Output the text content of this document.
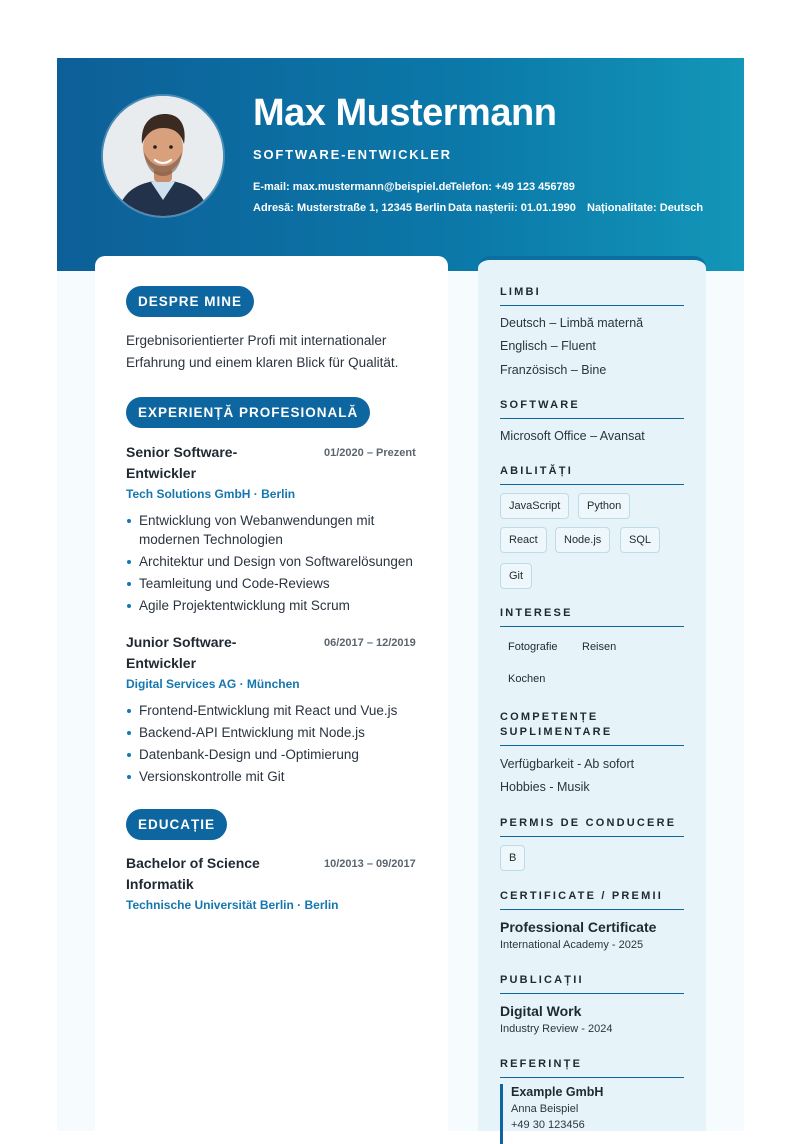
Max Mustermann
SOFTWARE-ENTWICKLER
E-mail: max.mustermann@beispiel.de
Telefon: +49 123 456789
Adresă: Musterstraße 1, 12345 Berlin Data nașterii: 01.01.1990 Naționalitate: Deutsch
DESPRE MINE
Ergebnisorientierter Profi mit internationaler
Erfahrung und einem klaren Blick für Qualität.
EXPERIENȚĂ PROFESIONALĂ
Senior Software-
Entwickler
01/2020 – Prezent
Tech Solutions GmbH · Berlin
Entwicklung von Webanwendungen mit modernen Technologien
Architektur und Design von Softwarelösungen
Teamleitung und Code-Reviews
Agile Projektentwicklung mit Scrum
Junior Software-
Entwickler
06/2017 – 12/2019
Digital Services AG · München
Frontend-Entwicklung mit React und Vue.js
Backend-API Entwicklung mit Node.js
Datenbank-Design und -Optimierung
Versionskontrolle mit Git
EDUCAȚIE
Bachelor of Science
Informatik
10/2013 – 09/2017
Technische Universität Berlin · Berlin
LIMBI
Deutsch – Limbă maternă
Englisch – Fluent
Französisch – Bine
SOFTWARE
Microsoft Office – Avansat
ABILITĂȚI
JavaScript	Python
React	Node.js	SQL
Git
INTERESE
Fotografie Reisen
Kochen
COMPETENȚE
SUPLIMENTARE
Verfügbarkeit - Ab sofort
Hobbies - Musik
PERMIS DE CONDUCERE
B
CERTIFICATE / PREMII
Professional Certificate
International Academy - 2025
PUBLICAȚII
Digital Work
Industry Review - 2024
REFERINȚE
Example GmbH
Anna Beispiel
+49 30 123456
